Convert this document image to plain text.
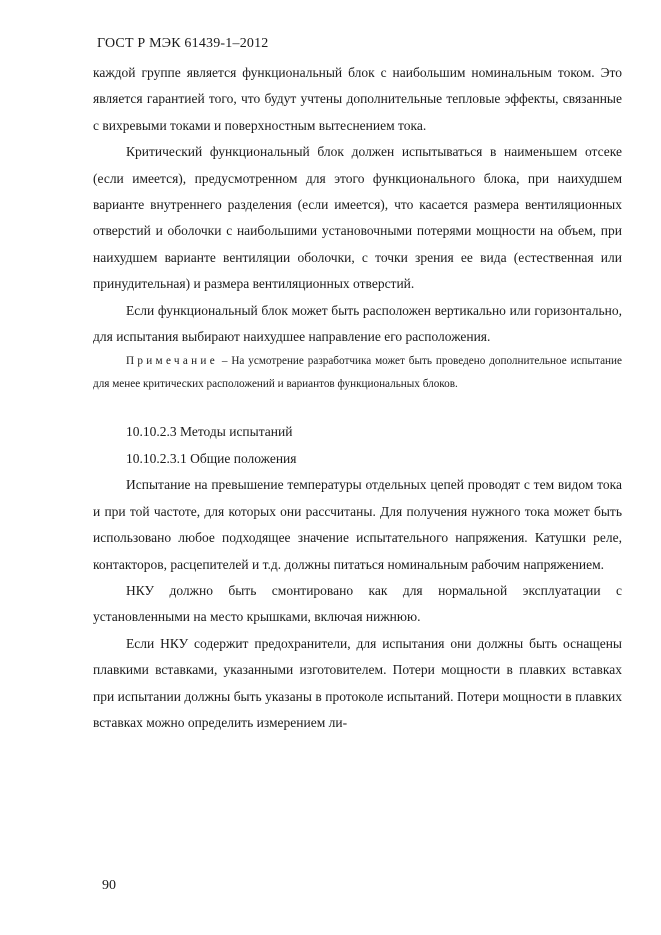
ГОСТ Р МЭК 61439-1–2012

каждой группе является функциональный блок с наибольшим номинальным током. Это является гарантией того, что будут учтены дополнительные тепловые эффекты, связанные с вихревыми токами и поверхностным вытеснением тока.

Критический функциональный блок должен испытываться в наименьшем отсеке (если имеется), предусмотренном для этого функционального блока, при наихудшем варианте внутреннего разделения (если имеется), что касается размера вентиляционных отверстий и оболочки с наибольшими установочными потерями мощности на объем, при наихудшем варианте вентиляции оболочки, с точки зрения ее вида (естественная или принудительная) и размера вентиляционных отверстий.

Если функциональный блок может быть расположен вертикально или горизонтально, для испытания выбирают наихудшее направление его расположения.

Примечание – На усмотрение разработчика может быть проведено дополнительное испытание для менее критических расположений и вариантов функциональных блоков.

10.10.2.3 Методы испытаний

10.10.2.3.1 Общие положения

Испытание на превышение температуры отдельных цепей проводят с тем видом тока и при той частоте, для которых они рассчитаны. Для получения нужного тока может быть использовано любое подходящее значение испытательного напряжения. Катушки реле, контакторов, расцепителей и т.д. должны питаться номинальным рабочим напряжением.

НКУ должно быть смонтировано как для нормальной эксплуатации с установленными на место крышками, включая нижнюю.

Если НКУ содержит предохранители, для испытания они должны быть оснащены плавкими вставками, указанными изготовителем. Потери мощности в плавких вставках при испытании должны быть указаны в протоколе испытаний. Потери мощности в плавких вставках можно определить измерением ли-

90
